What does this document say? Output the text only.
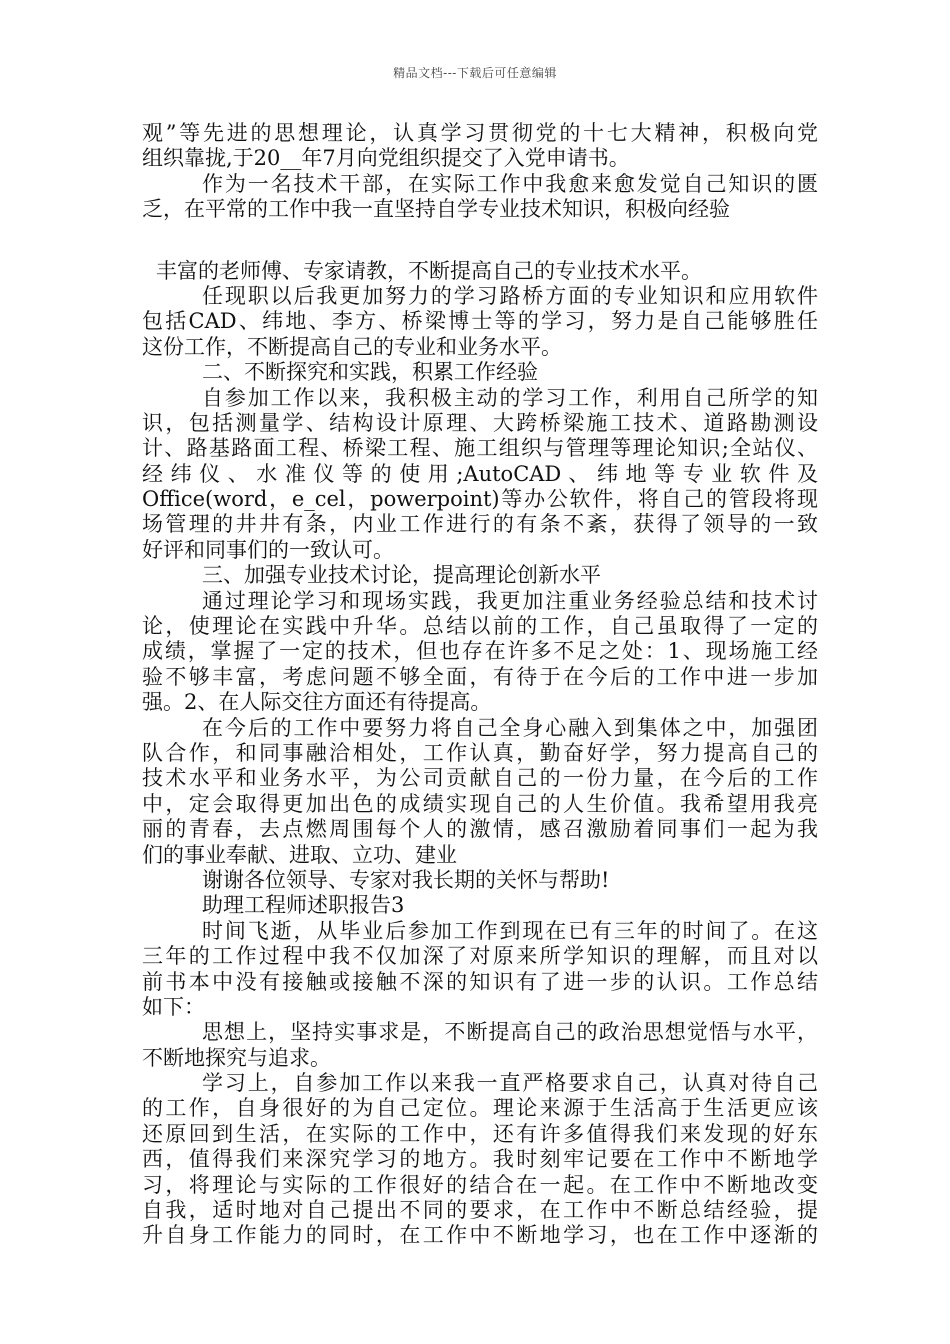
精品文档---下载后可任意编辑
观”等先进的思想理论，认真学习贯彻党的十七大精神，积极向党
组织靠拢,于20__年7月向党组织提交了入党申请书。
作为一名技术干部，在实际工作中我愈来愈发觉自己知识的匮
乏，在平常的工作中我一直坚持自学专业技术知识，积极向经验
丰富的老师傅、专家请教，不断提高自己的专业技术水平。
任现职以后我更加努力的学习路桥方面的专业知识和应用软件
包括CAD、纬地、李方、桥梁博士等的学习，努力是自己能够胜任
这份工作，不断提高自己的专业和业务水平。
二、不断探究和实践，积累工作经验
自参加工作以来，我积极主动的学习工作，利用自己所学的知
识，包括测量学、结构设计原理、大跨桥梁施工技术、道路勘测设
计、路基路面工程、桥梁工程、施工组织与管理等理论知识;全站仪、
经 纬 仪 、 水 准 仪 等 的 使 用 ;AutoCAD 、 纬 地 等 专 业 软 件 及
Office(word，e_cel，powerpoint)等办公软件，将自己的管段将现
场管理的井井有条，内业工作进行的有条不紊，获得了领导的一致
好评和同事们的一致认可。
三、加强专业技术讨论，提高理论创新水平
通过理论学习和现场实践，我更加注重业务经验总结和技术讨
论，使理论在实践中升华。总结以前的工作，自己虽取得了一定的
成绩，掌握了一定的技术，但也存在许多不足之处：1、现场施工经
验不够丰富，考虑问题不够全面，有待于在今后的工作中进一步加
强。2、在人际交往方面还有待提高。
在今后的工作中要努力将自己全身心融入到集体之中，加强团
队合作，和同事融洽相处，工作认真，勤奋好学，努力提高自己的
技术水平和业务水平，为公司贡献自己的一份力量，在今后的工作
中，定会取得更加出色的成绩实现自己的人生价值。我希望用我亮
丽的青春，去点燃周围每个人的激情，感召激励着同事们一起为我
们的事业奉献、进取、立功、建业
谢谢各位领导、专家对我长期的关怀与帮助!
助理工程师述职报告3
时间飞逝，从毕业后参加工作到现在已有三年的时间了。在这
三年的工作过程中我不仅加深了对原来所学知识的理解，而且对以
前书本中没有接触或接触不深的知识有了进一步的认识。工作总结
如下：
思想上，坚持实事求是，不断提高自己的政治思想觉悟与水平，
不断地探究与追求。
学习上，自参加工作以来我一直严格要求自己，认真对待自己
的工作，自身很好的为自己定位。理论来源于生活高于生活更应该
还原回到生活，在实际的工作中，还有许多值得我们来发现的好东
西，值得我们来深究学习的地方。我时刻牢记要在工作中不断地学
习，将理论与实际的工作很好的结合在一起。在工作中不断地改变
自我，适时地对自己提出不同的要求，在工作中不断总结经验，提
升自身工作能力的同时，在工作中不断地学习，也在工作中逐渐的
